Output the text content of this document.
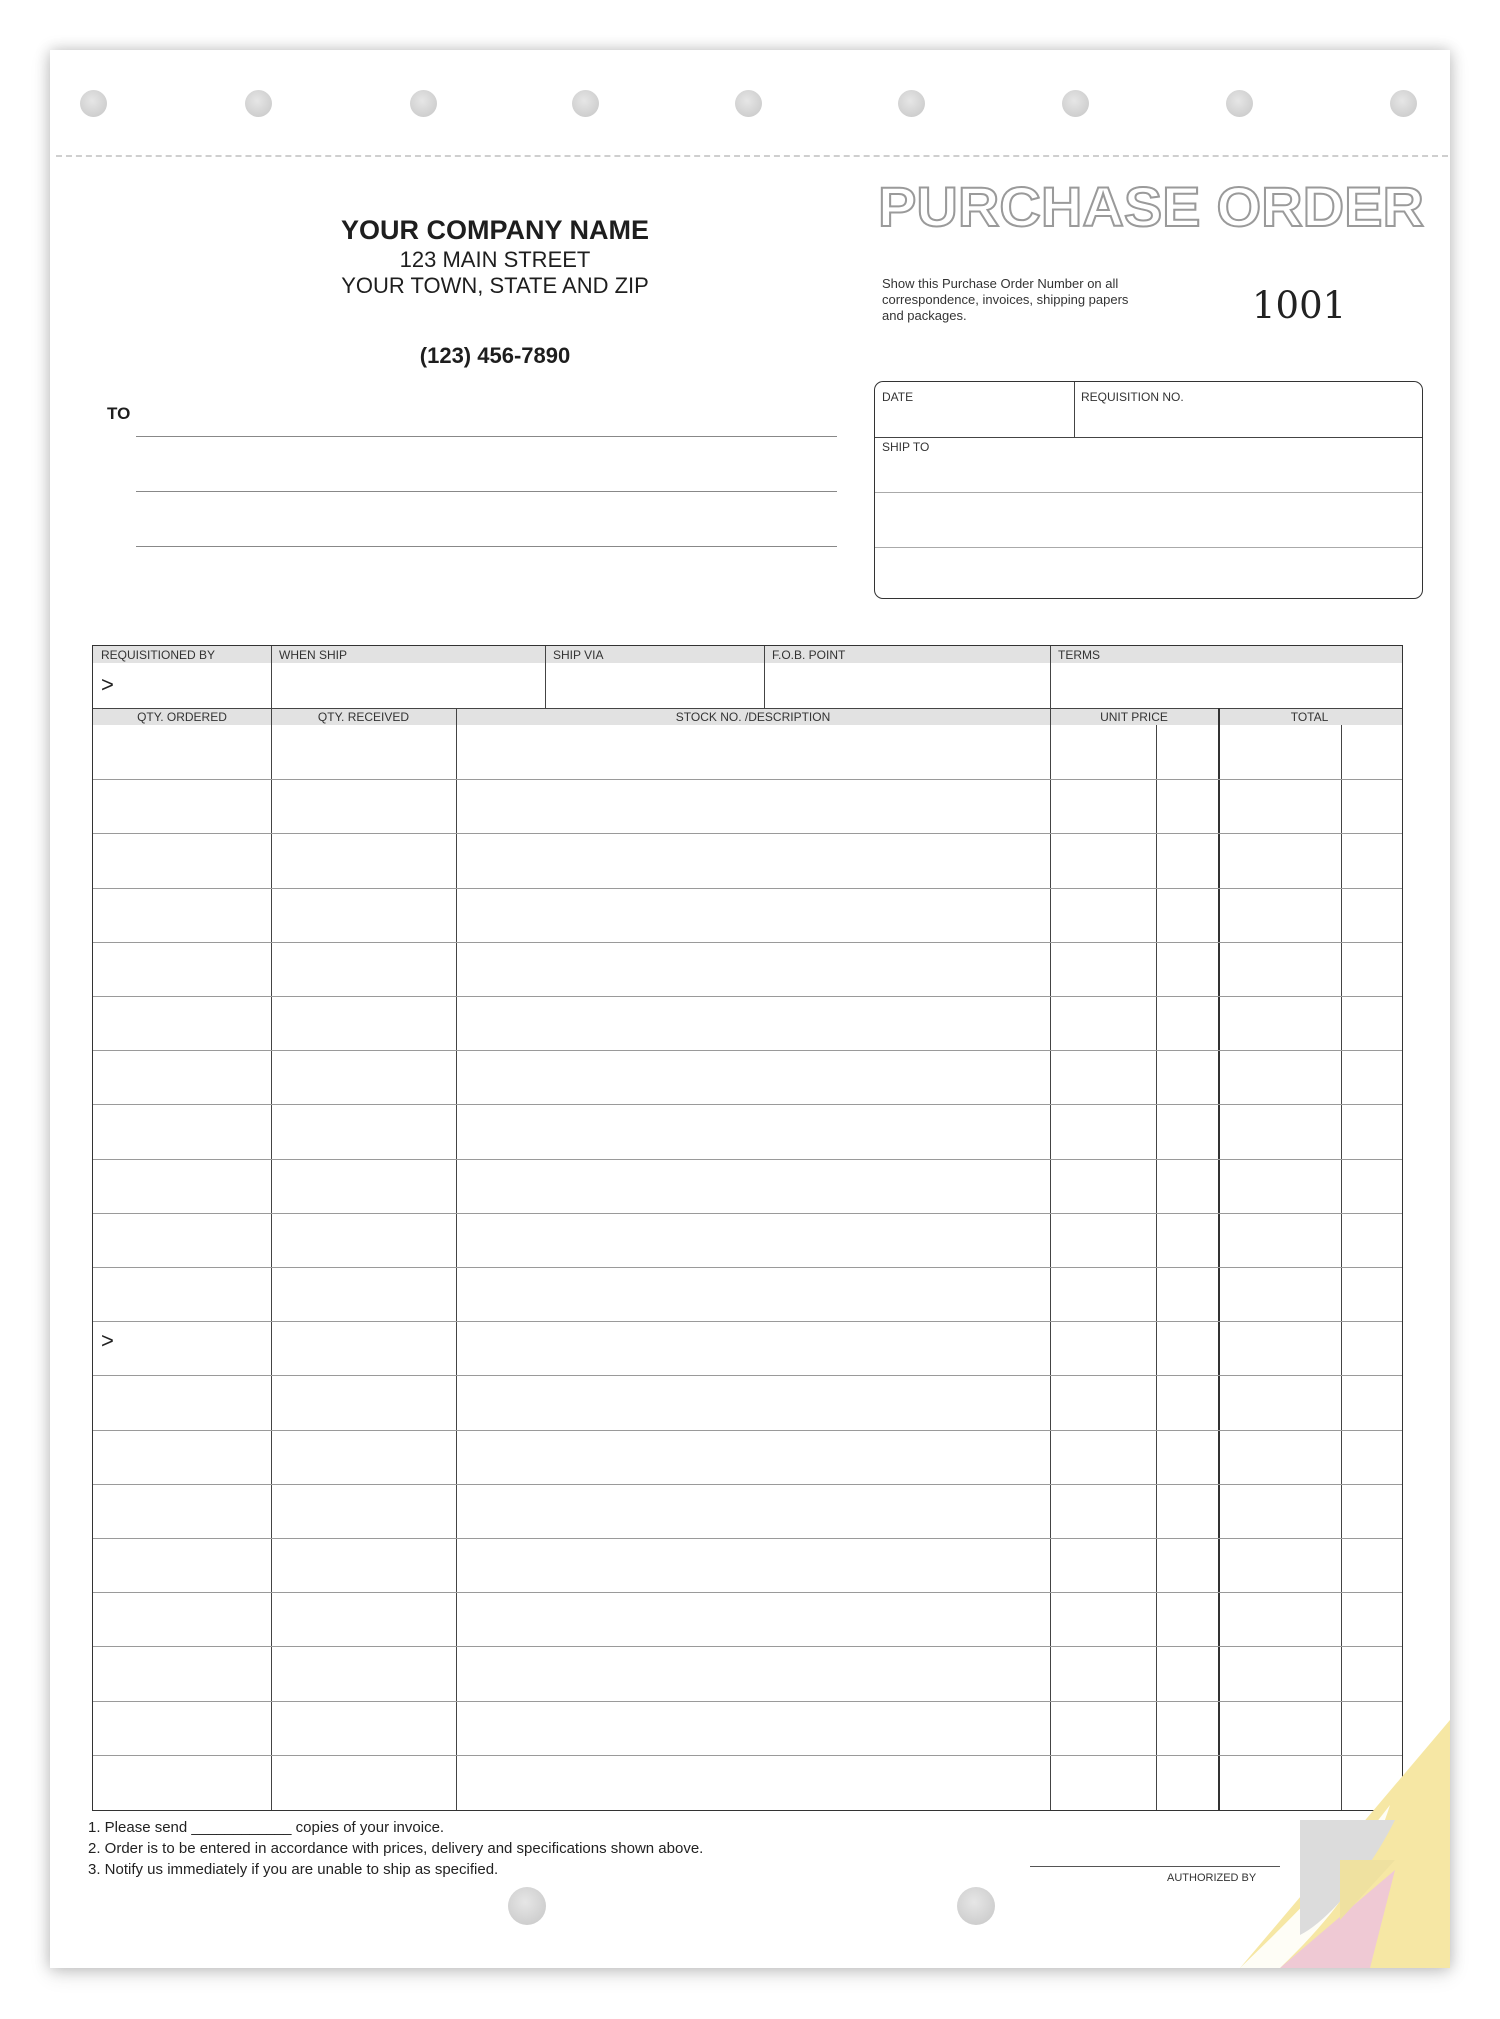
YOUR COMPANY NAME
123 MAIN STREET
YOUR TOWN, STATE AND ZIP
(123) 456-7890
PURCHASE ORDER

Show this Purchase Order Number on all correspondence, invoices, shipping papers and packages.	1001
TO
DATE	REQUISITION NO.
SHIP TO
REQUISITIONED BY	WHEN SHIP	SHIP VIA	F.O.B. POINT	TERMS
>
QTY. ORDERED	QTY. RECEIVED	STOCK NO. /DESCRIPTION	UNIT PRICE	TOTAL
>
1. Please send ____________ copies of your invoice.
2. Order is to be entered in accordance with prices, delivery and specifications shown above.
3. Notify us immediately if you are unable to ship as specified.	AUTHORIZED BY
